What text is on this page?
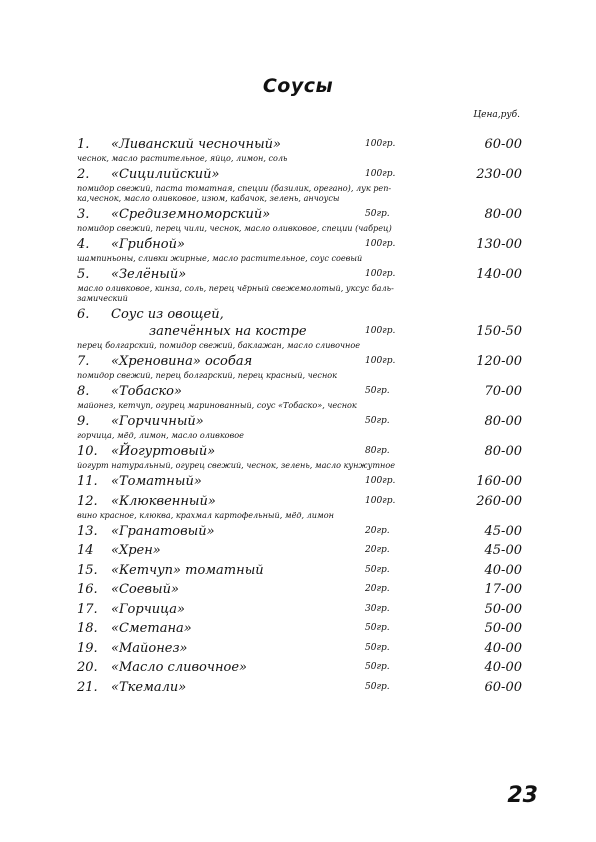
Соусы
Цена,руб.
1. «Ливанский чесночный»	100гр.	60-00
чеснок, масло растительное, яйцо, лимон, соль
2. «Сицилийский»	100гр.	230-00
помидор свежий, паста томатная, специи (базилик, орегано), лук реп-
ка,чеснок, масло оливковое, изюм, кабачок, зелень, анчоусы
3. «Средиземноморский»	50гр.	80-00
помидор свежий, перец чили, чеснок, масло оливковое, специи (чабрец)
4. «Грибной»	100гр.	130-00
шампиньоны, сливки жирные, масло растительное, соус соевый
5. «Зелёный»	100гр.	140-00
масло оливковое, кинза, соль, перец чёрный свежемолотый, уксус баль-
замический
6. Соус из овощей,
запечённых на костре	100гр.	150-50
перец болгарский, помидор свежий, баклажан, масло сливочное
7. «Хреновина» особая	100гр.	120-00
помидор свежий, перец болгарский, перец красный, чеснок
8. «Тобаско»	50гр.	70-00
майонез, кетчуп, огурец маринованный, соус «Тобаско», чеснок
9. «Горчичный»	50гр.	80-00
горчица, мёд, лимон, масло оливковое
10. «Йогуртовый»	80гр.	80-00
йогурт натуральный, огурец свежий, чеснок, зелень, масло кунжутное
11. «Томатный»	100гр.	160-00
12. «Клюквенный»	100гр.	260-00
вино красное, клюква, крахмал картофельный, мёд, лимон
13. «Гранатовый»	20гр.	45-00
14 «Хрен»	20гр.	45-00
15. «Кетчуп» томатный	50гр.	40-00
16. «Соевый»	20гр.	17-00
17. «Горчица»	30гр.	50-00
18. «Сметана»	50гр.	50-00
19. «Майонез»	50гр.	40-00
20. «Масло сливочное»	50гр.	40-00
21. «Ткемали»	50гр.	60-00
23
